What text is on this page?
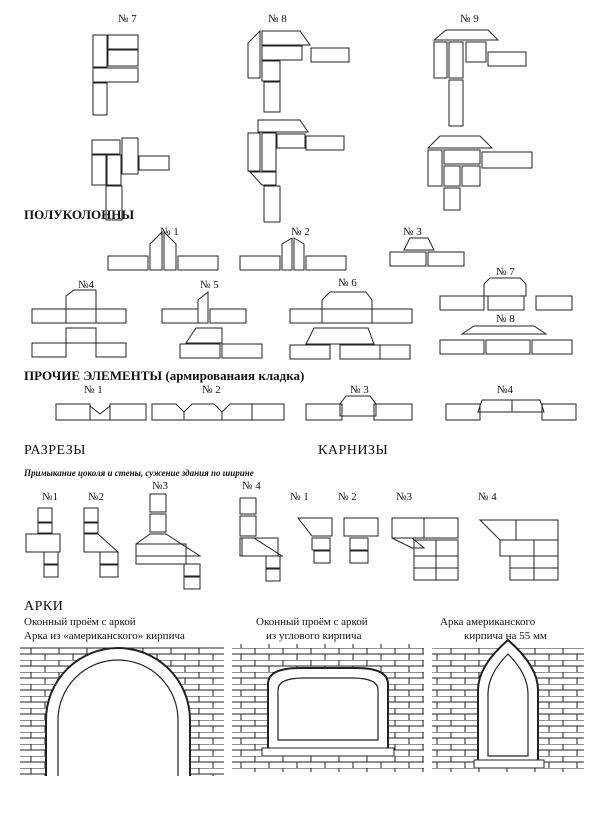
№ 7	№ 8	№ 9
ПОЛУКОЛОННЫ
№ 1	№ 2	№ 3
№4	№ 5	№ 6
№ 7
№ 8
ПРОЧИЕ ЭЛЕМЕНТЫ (армированаия кладка)
№ 1	№ 2	№ 3	№4
РАЗРЕЗЫ	КАРНИЗЫ
Примыкание цоколя и стены, сужение здания по ширине
№1	№2
№3	№ 4
№ 1	№ 2	№3	№ 4
АРКИ
Оконный проём с аркой
Арка из «американского» кирпича
Оконный проём с аркой
из углового кирпича
Арка американского
кирпича на 55 мм
